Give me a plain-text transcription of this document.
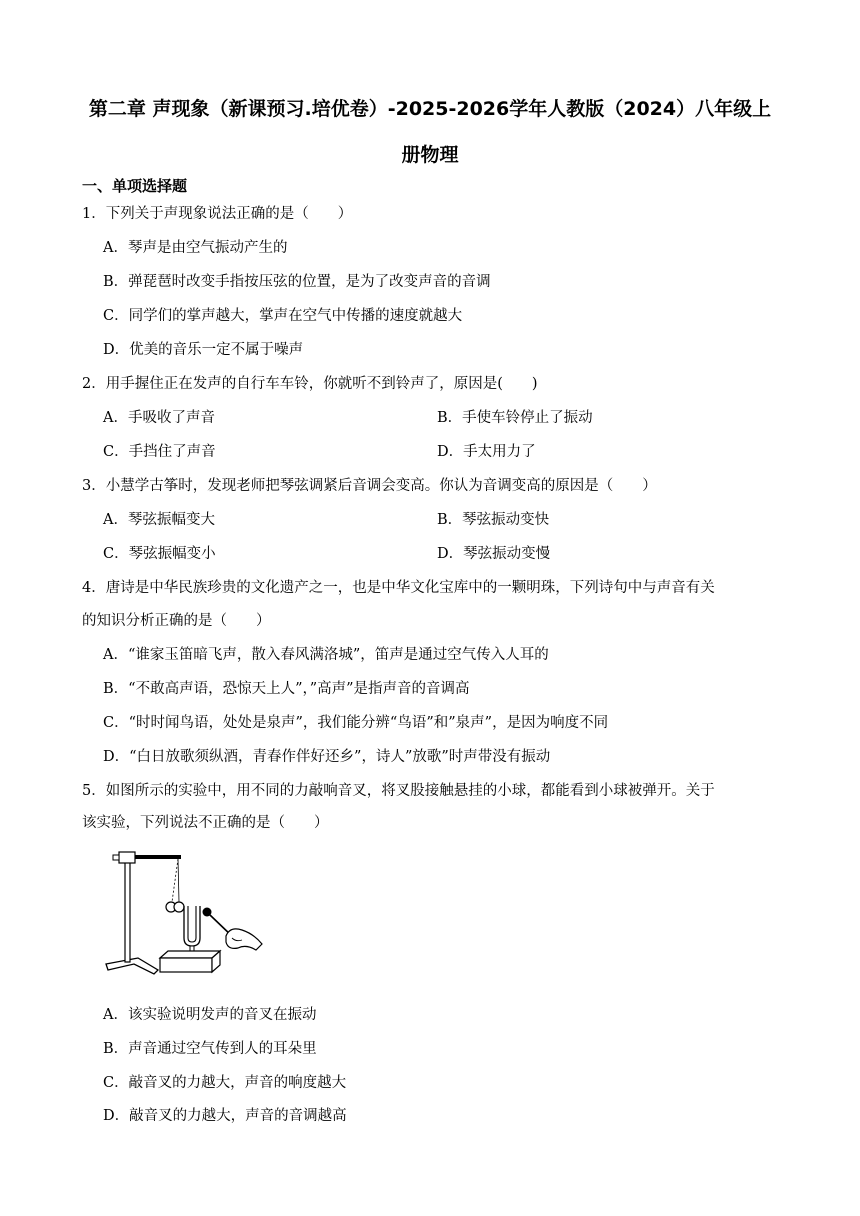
第二章 声现象（新课预习.培优卷）-2025-2026学年人教版（2024）八年级上
册物理
一、单项选择题
1．下列关于声现象说法正确的是（　　）
A．琴声是由空气振动产生的
B．弹琵琶时改变手指按压弦的位置，是为了改变声音的音调
C．同学们的掌声越大，掌声在空气中传播的速度就越大
D．优美的音乐一定不属于噪声
2．用手握住正在发声的自行车车铃，你就听不到铃声了，原因是(　　)
A．手吸收了声音	B．手使车铃停止了振动
C．手挡住了声音	D．手太用力了
3．小慧学古筝时，发现老师把琴弦调紧后音调会变高。你认为音调变高的原因是（　　）
A．琴弦振幅变大	B．琴弦振动变快
C．琴弦振幅变小	D．琴弦振动变慢
4．唐诗是中华民族珍贵的文化遗产之一，也是中华文化宝库中的一颗明珠，下列诗句中与声音有关
的知识分析正确的是（　　）
A．“谁家玉笛暗飞声，散入春风满洛城”，笛声是通过空气传入人耳的
B．“不敢高声语，恐惊天上人”，”高声”是指声音的音调高
C．“时时闻鸟语，处处是泉声”，我们能分辨“鸟语”和”泉声”，是因为响度不同
D．“白日放歌须纵酒，青春作伴好还乡”，诗人”放歌”时声带没有振动
5．如图所示的实验中，用不同的力敲响音叉，将叉股接触悬挂的小球，都能看到小球被弹开。关于
该实验，下列说法不正确的是（　　）
A．该实验说明发声的音叉在振动
B．声音通过空气传到人的耳朵里
C．敲音叉的力越大，声音的响度越大
D．敲音叉的力越大，声音的音调越高
